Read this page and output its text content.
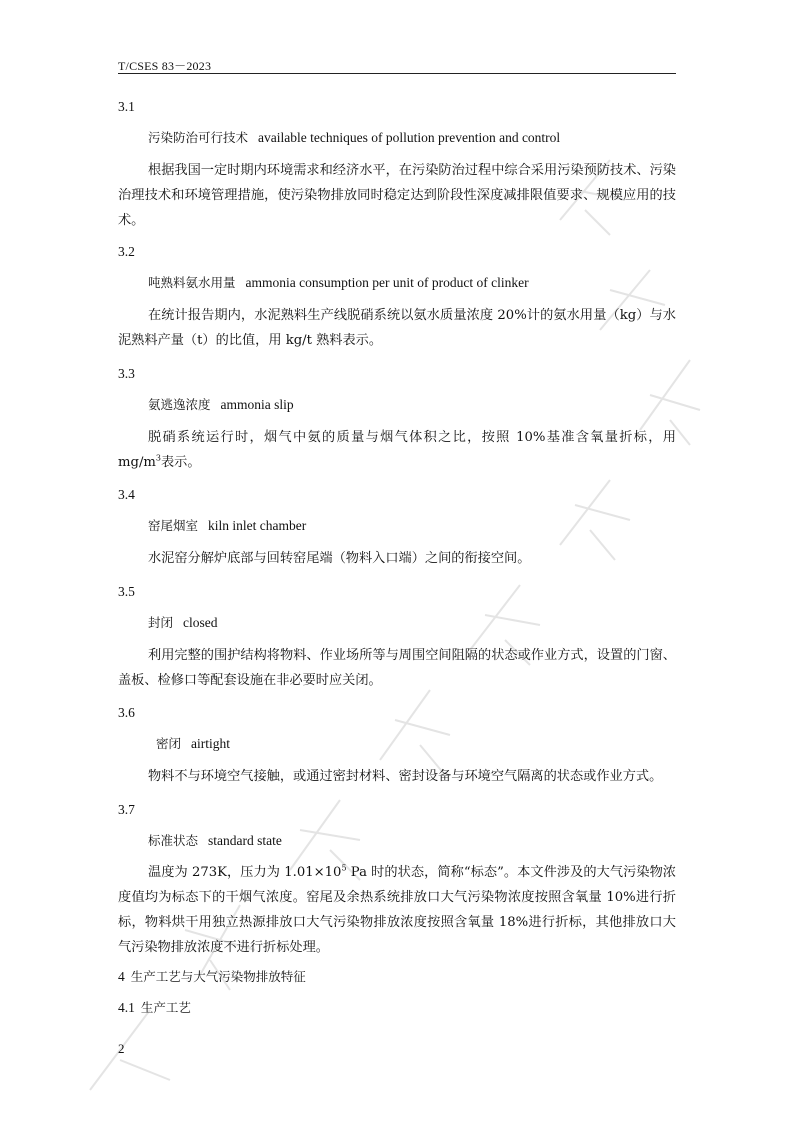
T/CSES 83－2023
3.1
污染防治可行技术 available techniques of pollution prevention and control
根据我国一定时期内环境需求和经济水平，在污染防治过程中综合采用污染预防技术、污染治理技术和环境管理措施，使污染物排放同时稳定达到阶段性深度减排限值要求、规模应用的技术。
3.2
吨熟料氨水用量 ammonia consumption per unit of product of clinker
在统计报告期内，水泥熟料生产线脱硝系统以氨水质量浓度 20%计的氨水用量（kg）与水泥熟料产量（t）的比值，用 kg/t 熟料表示。
3.3
氨逃逸浓度 ammonia slip
脱硝系统运行时，烟气中氨的质量与烟气体积之比，按照 10%基准含氧量折标，用 $mg/m^3$表示。
3.4
窑尾烟室 kiln inlet chamber
水泥窑分解炉底部与回转窑尾端（物料入口端）之间的衔接空间。
3.5
封闭 closed
利用完整的围护结构将物料、作业场所等与周围空间阻隔的状态或作业方式，设置的门窗、盖板、检修口等配套设施在非必要时应关闭。
3.6
密闭 airtight
物料不与环境空气接触，或通过密封材料、密封设备与环境空气隔离的状态或作业方式。
3.7
标准状态 standard state
温度为 273K，压力为 $1.01\times 10^5$ Pa 时的状态，简称“标态”。本文件涉及的大气污染物浓度值均为标态下的干烟气浓度。窑尾及余热系统排放口大气污染物浓度按照含氧量 10%进行折标，物料烘干用独立热源排放口大气污染物排放浓度按照含氧量 18%进行折标，其他排放口大气污染物排放浓度不进行折标处理。
4 生产工艺与大气污染物排放特征
4.1 生产工艺
2
